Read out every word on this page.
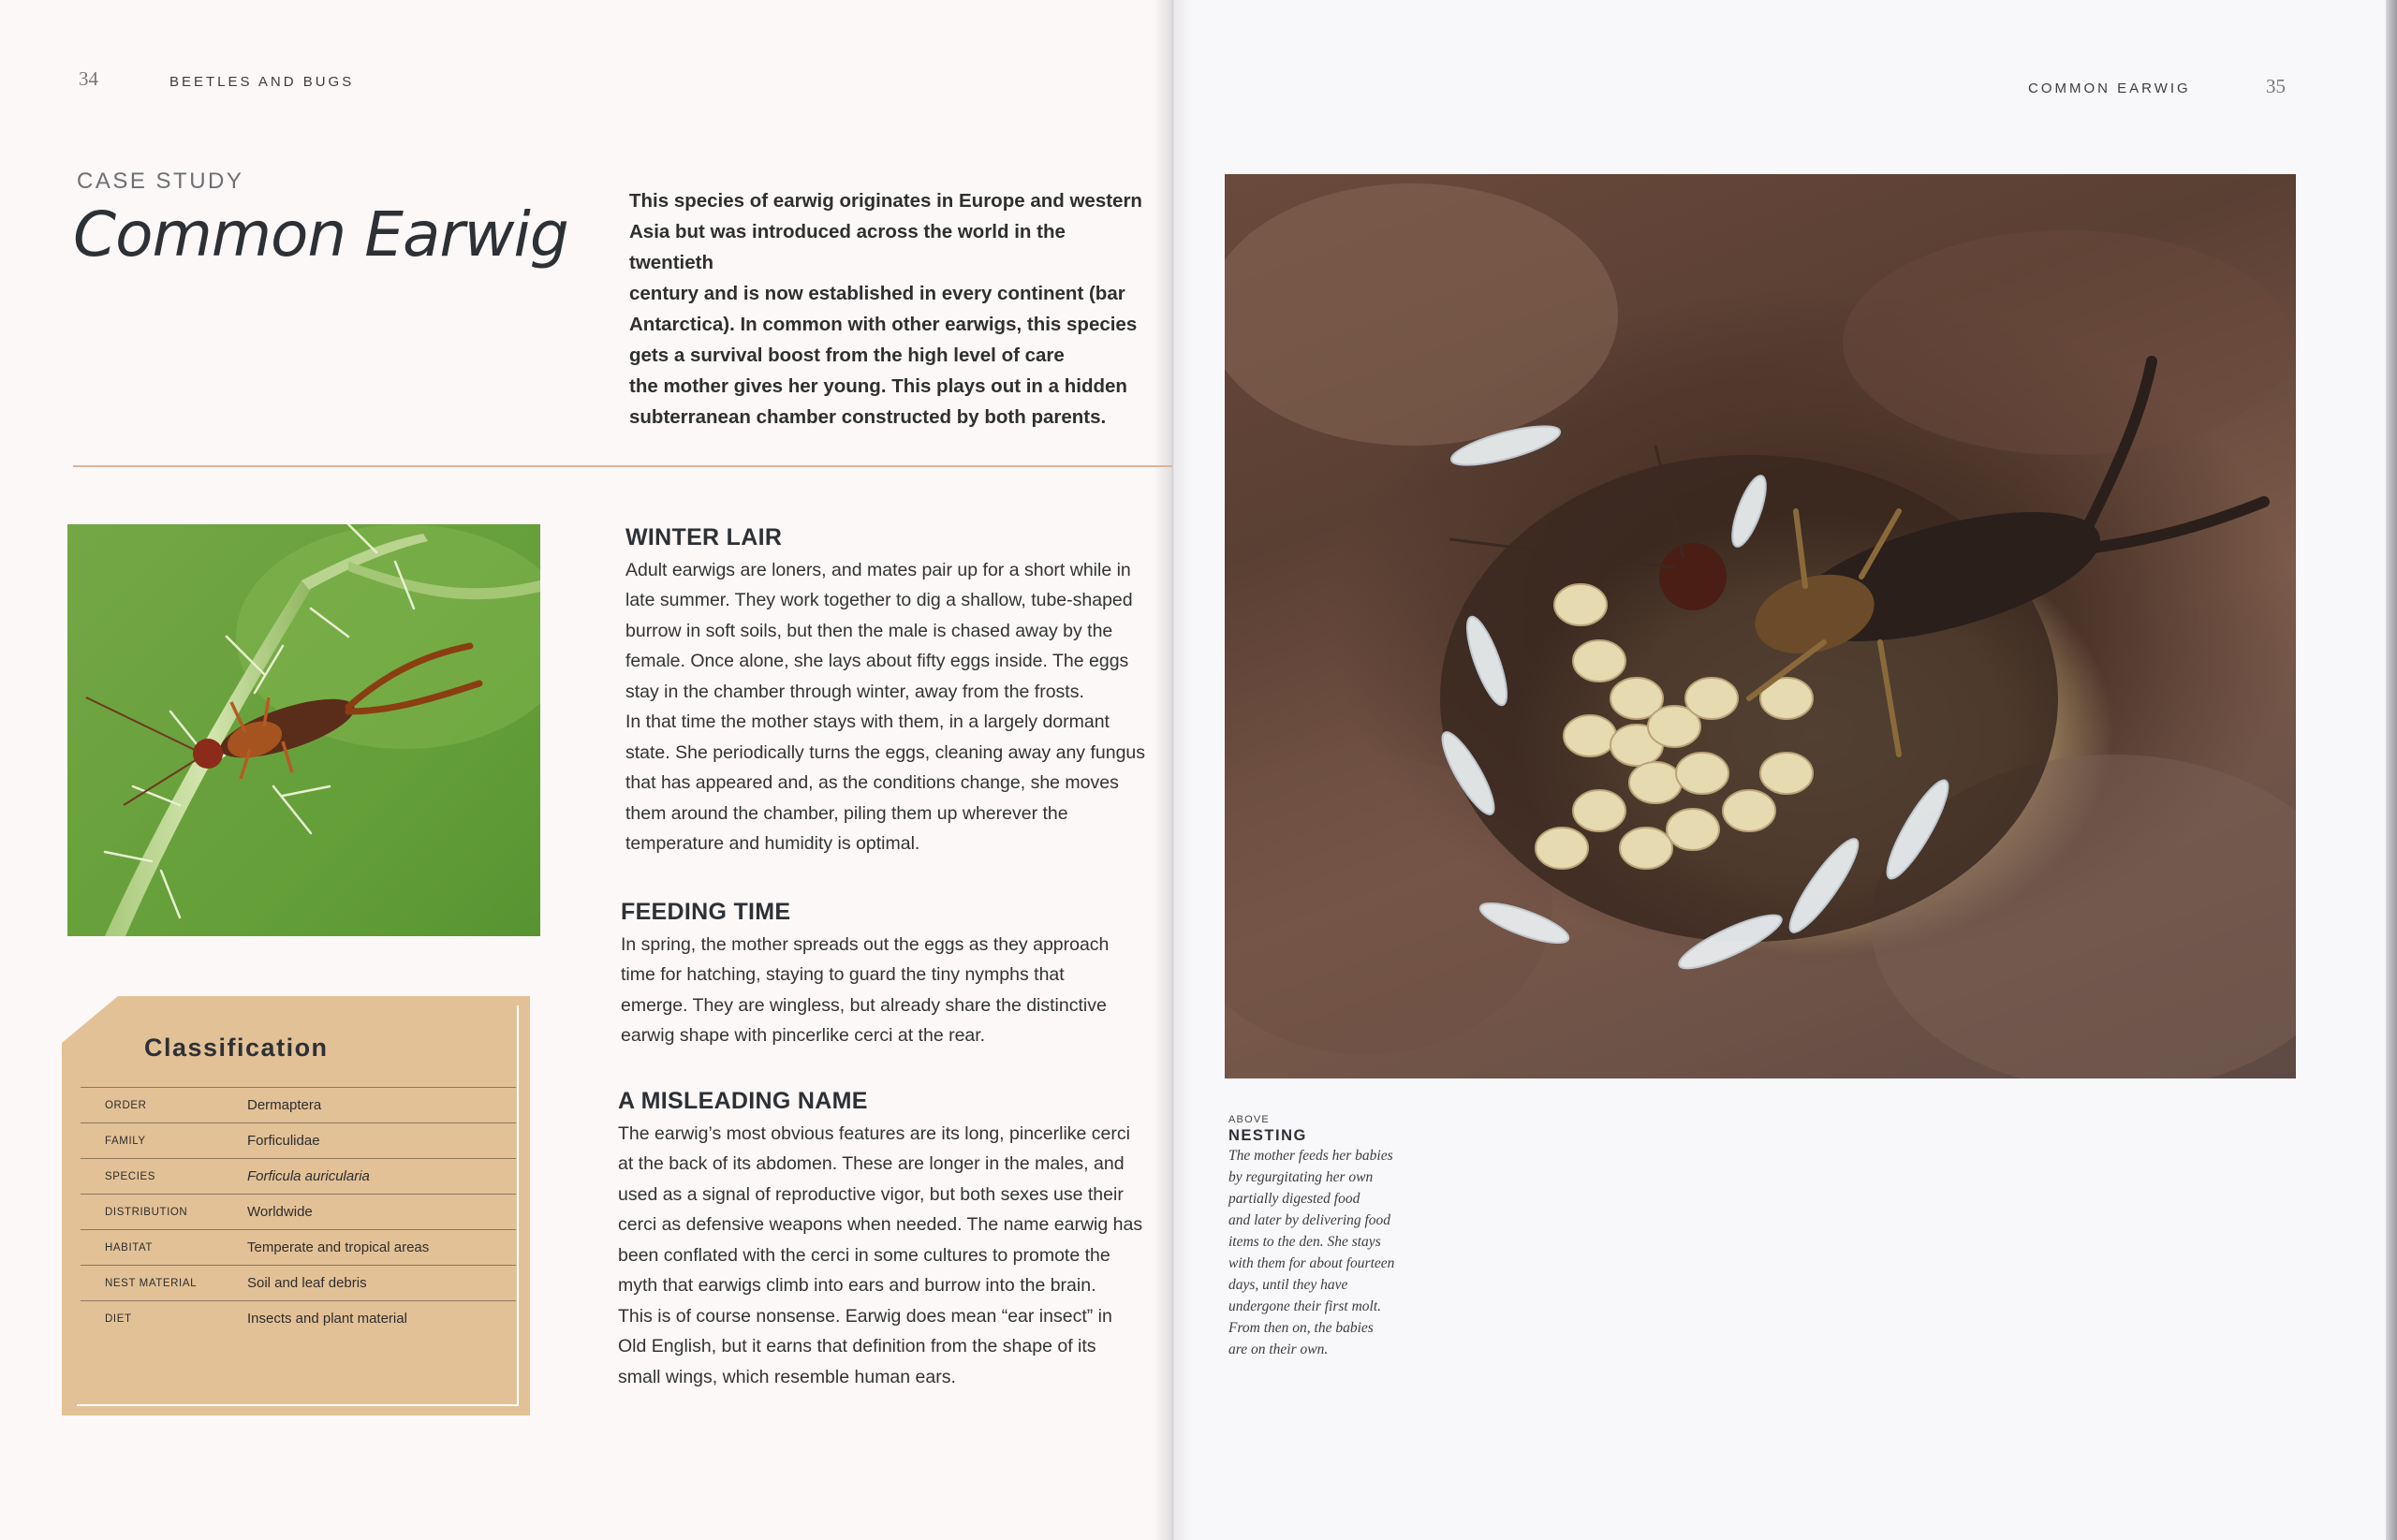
34	BEETLES AND BUGS	COMMON EARWIG	35
CASE STUDY
Common Earwig	This species of earwig originates in Europe and western
Asia but was introduced across the world in the twentieth
century and is now established in every continent (bar
Antarctica). In common with other earwigs, this species
gets a survival boost from the high level of care
the mother gives her young. This plays out in a hidden
subterranean chamber constructed by both parents.
Classification
ORDER	Dermaptera
FAMILY	Forficulidae
SPECIES	Forficula auricularia
DISTRIBUTION	Worldwide
HABITAT	Temperate and tropical areas
NEST MATERIAL	Soil and leaf debris
DIET	Insects and plant material
WINTER LAIR

Adult earwigs are loners, and mates pair up for a short while in
late summer. They work together to dig a shallow, tube-shaped
burrow in soft soils, but then the male is chased away by the
female. Once alone, she lays about fifty eggs inside. The eggs
stay in the chamber through winter, away from the frosts.
In that time the mother stays with them, in a largely dormant
state. She periodically turns the eggs, cleaning away any fungus
that has appeared and, as the conditions change, she moves
them around the chamber, piling them up wherever the
temperature and humidity is optimal.

FEEDING TIME

In spring, the mother spreads out the eggs as they approach
time for hatching, staying to guard the tiny nymphs that
emerge. They are wingless, but already share the distinctive
earwig shape with pincerlike cerci at the rear.

A MISLEADING NAME

The earwig’s most obvious features are its long, pincerlike cerci
at the back of its abdomen. These are longer in the males, and
used as a signal of reproductive vigor, but both sexes use their
cerci as defensive weapons when needed. The name earwig has
been conflated with the cerci in some cultures to promote the
myth that earwigs climb into ears and burrow into the brain.
This is of course nonsense. Earwig does mean “ear insect” in
Old English, but it earns that definition from the shape of its
small wings, which resemble human ears.

ABOVE
NESTING
The mother feeds her babies
by regurgitating her own
partially digested food
and later by delivering food
items to the den. She stays
with them for about fourteen
days, until they have
undergone their first molt.
From then on, the babies
are on their own.
